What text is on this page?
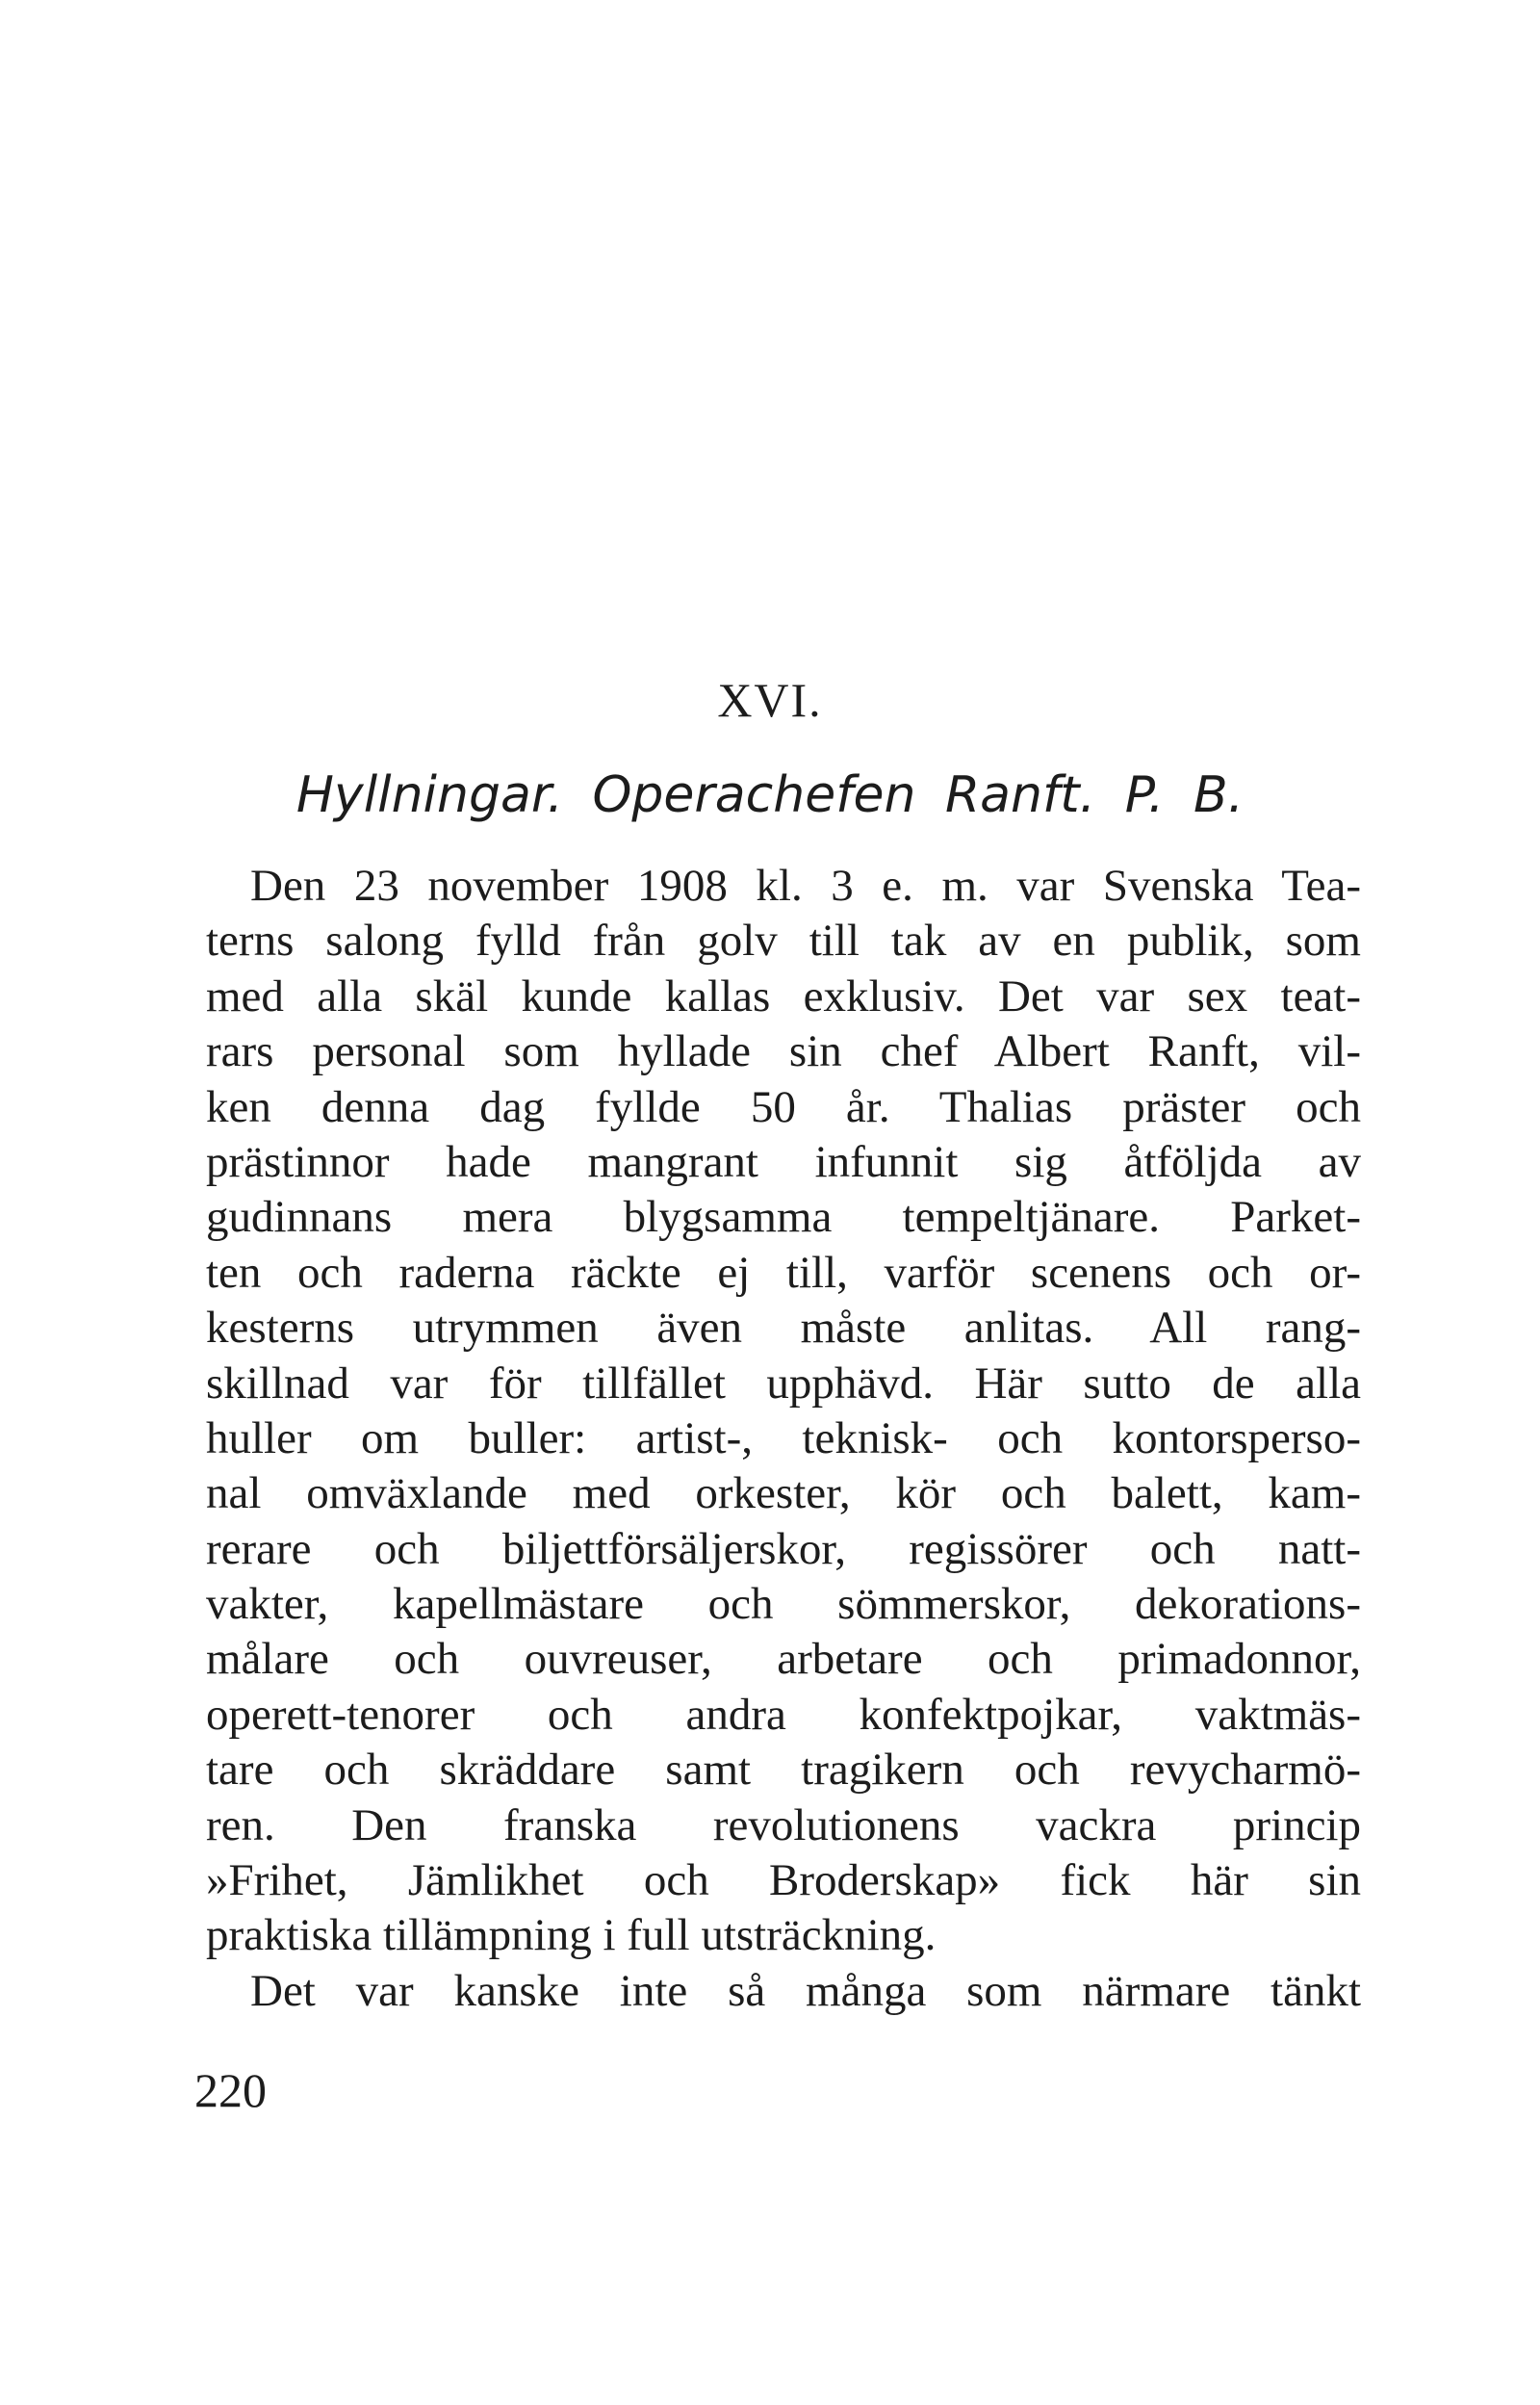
XVI.
Hyllningar. Operachefen Ranft. P. B.
Den 23 november 1908 kl. 3 e. m. var Svenska Tea-
terns salong fylld från golv till tak av en publik, som
med alla skäl kunde kallas exklusiv. Det var sex teat-
rars personal som hyllade sin chef Albert Ranft, vil-
ken denna dag fyllde 50 år. Thalias präster och
prästinnor hade mangrant infunnit sig åtföljda av
gudinnans mera blygsamma tempeltjänare. Parket-
ten och raderna räckte ej till, varför scenens och or-
kesterns utrymmen även måste anlitas. All rang-
skillnad var för tillfället upphävd. Här sutto de alla
huller om buller: artist-, teknisk- och kontorsperso-
nal omväxlande med orkester, kör och balett, kam-
rerare och biljettförsäljerskor, regissörer och natt-
vakter, kapellmästare och sömmerskor, dekorations-
målare och ouvreuser, arbetare och primadonnor,
operett-tenorer och andra konfektpojkar, vaktmäs-
tare och skräddare samt tragikern och revycharmö-
ren. Den franska revolutionens vackra princip
»Frihet, Jämlikhet och Broderskap» fick här sin
praktiska tillämpning i full utsträckning.
Det var kanske inte så många som närmare tänkt

220
